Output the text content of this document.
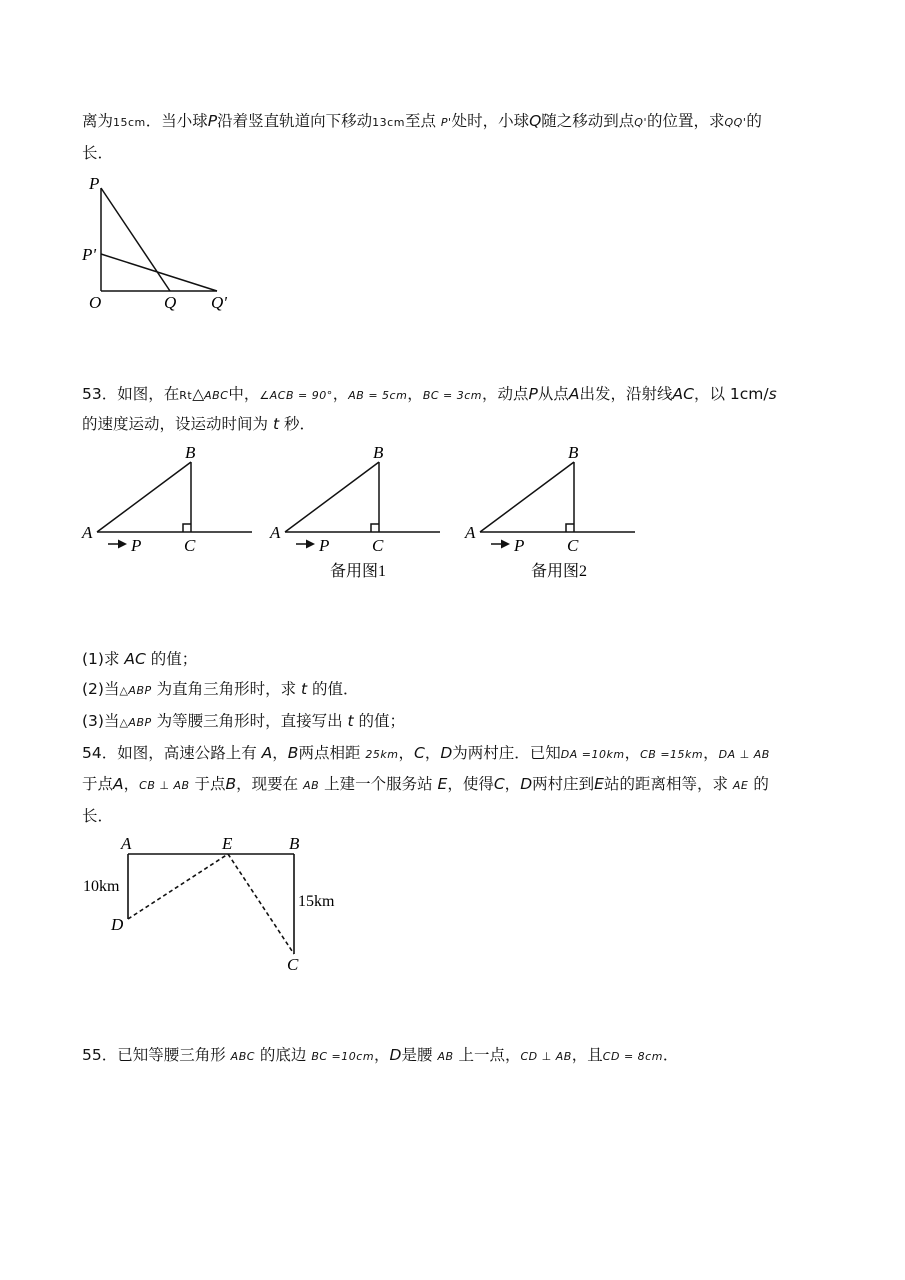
离为15cm．当小球P沿着竖直轨道向下移动13cm至点 P'处时，小球Q随之移动到点Q'的位置，求QQ'的
长．
P
P'
O	Q Q'
53．如图，在Rt△ABC中，∠ACB = 90°，AB = 5cm，BC = 3cm，动点P从点A出发，沿射线AC，以 1cm/s
的速度运动，设运动时间为 t 秒．
B
A
P	C
B
A
P	C
备用图1
B
A
P	C
备用图2
(1)求 AC 的值；
(2)当△ABP 为直角三角形时，求 t 的值．
(3)当△ABP 为等腰三角形时，直接写出 t 的值；
54．如图，高速公路上有 A，B两点相距 25km，C，D为两村庄．已知DA =10km，CB =15km，DA ⊥ AB
于点A，CB ⊥ AB 于点B，现要在 AB 上建一个服务站 E，使得C，D两村庄到E站的距离相等，求 AE 的
长．
A	E	B
D
C
10km
15km
55．已知等腰三角形 ABC 的底边 BC =10cm，D是腰 AB 上一点，CD ⊥ AB，且CD = 8cm．
